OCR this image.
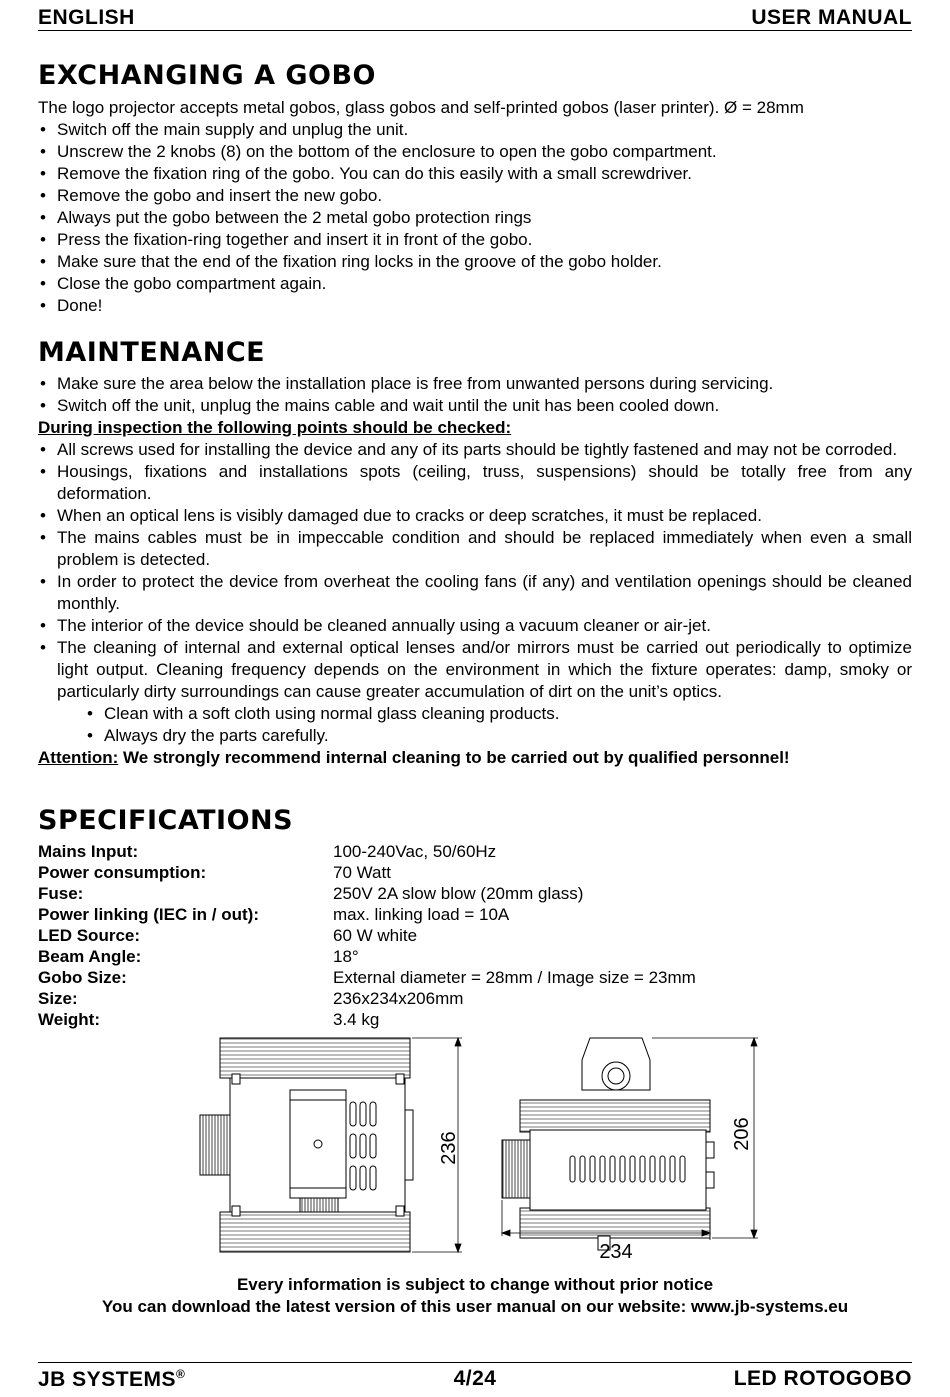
ENGLISH	USER MANUAL
EXCHANGING A GOBO
The logo projector accepts metal gobos, glass gobos and self-printed gobos (laser printer). Ø = 28mm
• Switch off the main supply and unplug the unit.
• Unscrew the 2 knobs (8) on the bottom of the enclosure to open the gobo compartment.
• Remove the fixation ring of the gobo. You can do this easily with a small screwdriver.
• Remove the gobo and insert the new gobo.
• Always put the gobo between the 2 metal gobo protection rings
• Press the fixation-ring together and insert it in front of the gobo.
• Make sure that the end of the fixation ring locks in the groove of the gobo holder.
• Close the gobo compartment again.
• Done!
MAINTENANCE
• Make sure the area below the installation place is free from unwanted persons during servicing.
• Switch off the unit, unplug the mains cable and wait until the unit has been cooled down.
During inspection the following points should be checked:
• All screws used for installing the device and any of its parts should be tightly fastened and may not be corroded.
• Housings, fixations and installations spots (ceiling, truss, suspensions) should be totally free from any deformation.
• When an optical lens is visibly damaged due to cracks or deep scratches, it must be replaced.
• The mains cables must be in impeccable condition and should be replaced immediately when even a small problem is detected.
• In order to protect the device from overheat the cooling fans (if any) and ventilation openings should be cleaned monthly.
• The interior of the device should be cleaned annually using a vacuum cleaner or air-jet.
• The cleaning of internal and external optical lenses and/or mirrors must be carried out periodically to optimize light output. Cleaning frequency depends on the environment in which the fixture operates: damp, smoky or particularly dirty surroundings can cause greater accumulation of dirt on the unit’s optics.
• Clean with a soft cloth using normal glass cleaning products.
• Always dry the parts carefully.
Attention: We strongly recommend internal cleaning to be carried out by qualified personnel!
SPECIFICATIONS
Mains Input:	100-240Vac, 50/60Hz
Power consumption:	70 Watt
Fuse:	250V 2A slow blow (20mm glass)
Power linking (IEC in / out):	max. linking load = 10A
LED Source:	60 W white
Beam Angle:	18°
Gobo Size:	External diameter = 28mm / Image size = 23mm
Size:	236x234x206mm
Weight:	3.4 kg
236	206
234
Every information is subject to change without prior notice
You can download the latest version of this user manual on our website: www.jb-systems.eu
JB SYSTEMS®	4/24	LED ROTOGOBO
